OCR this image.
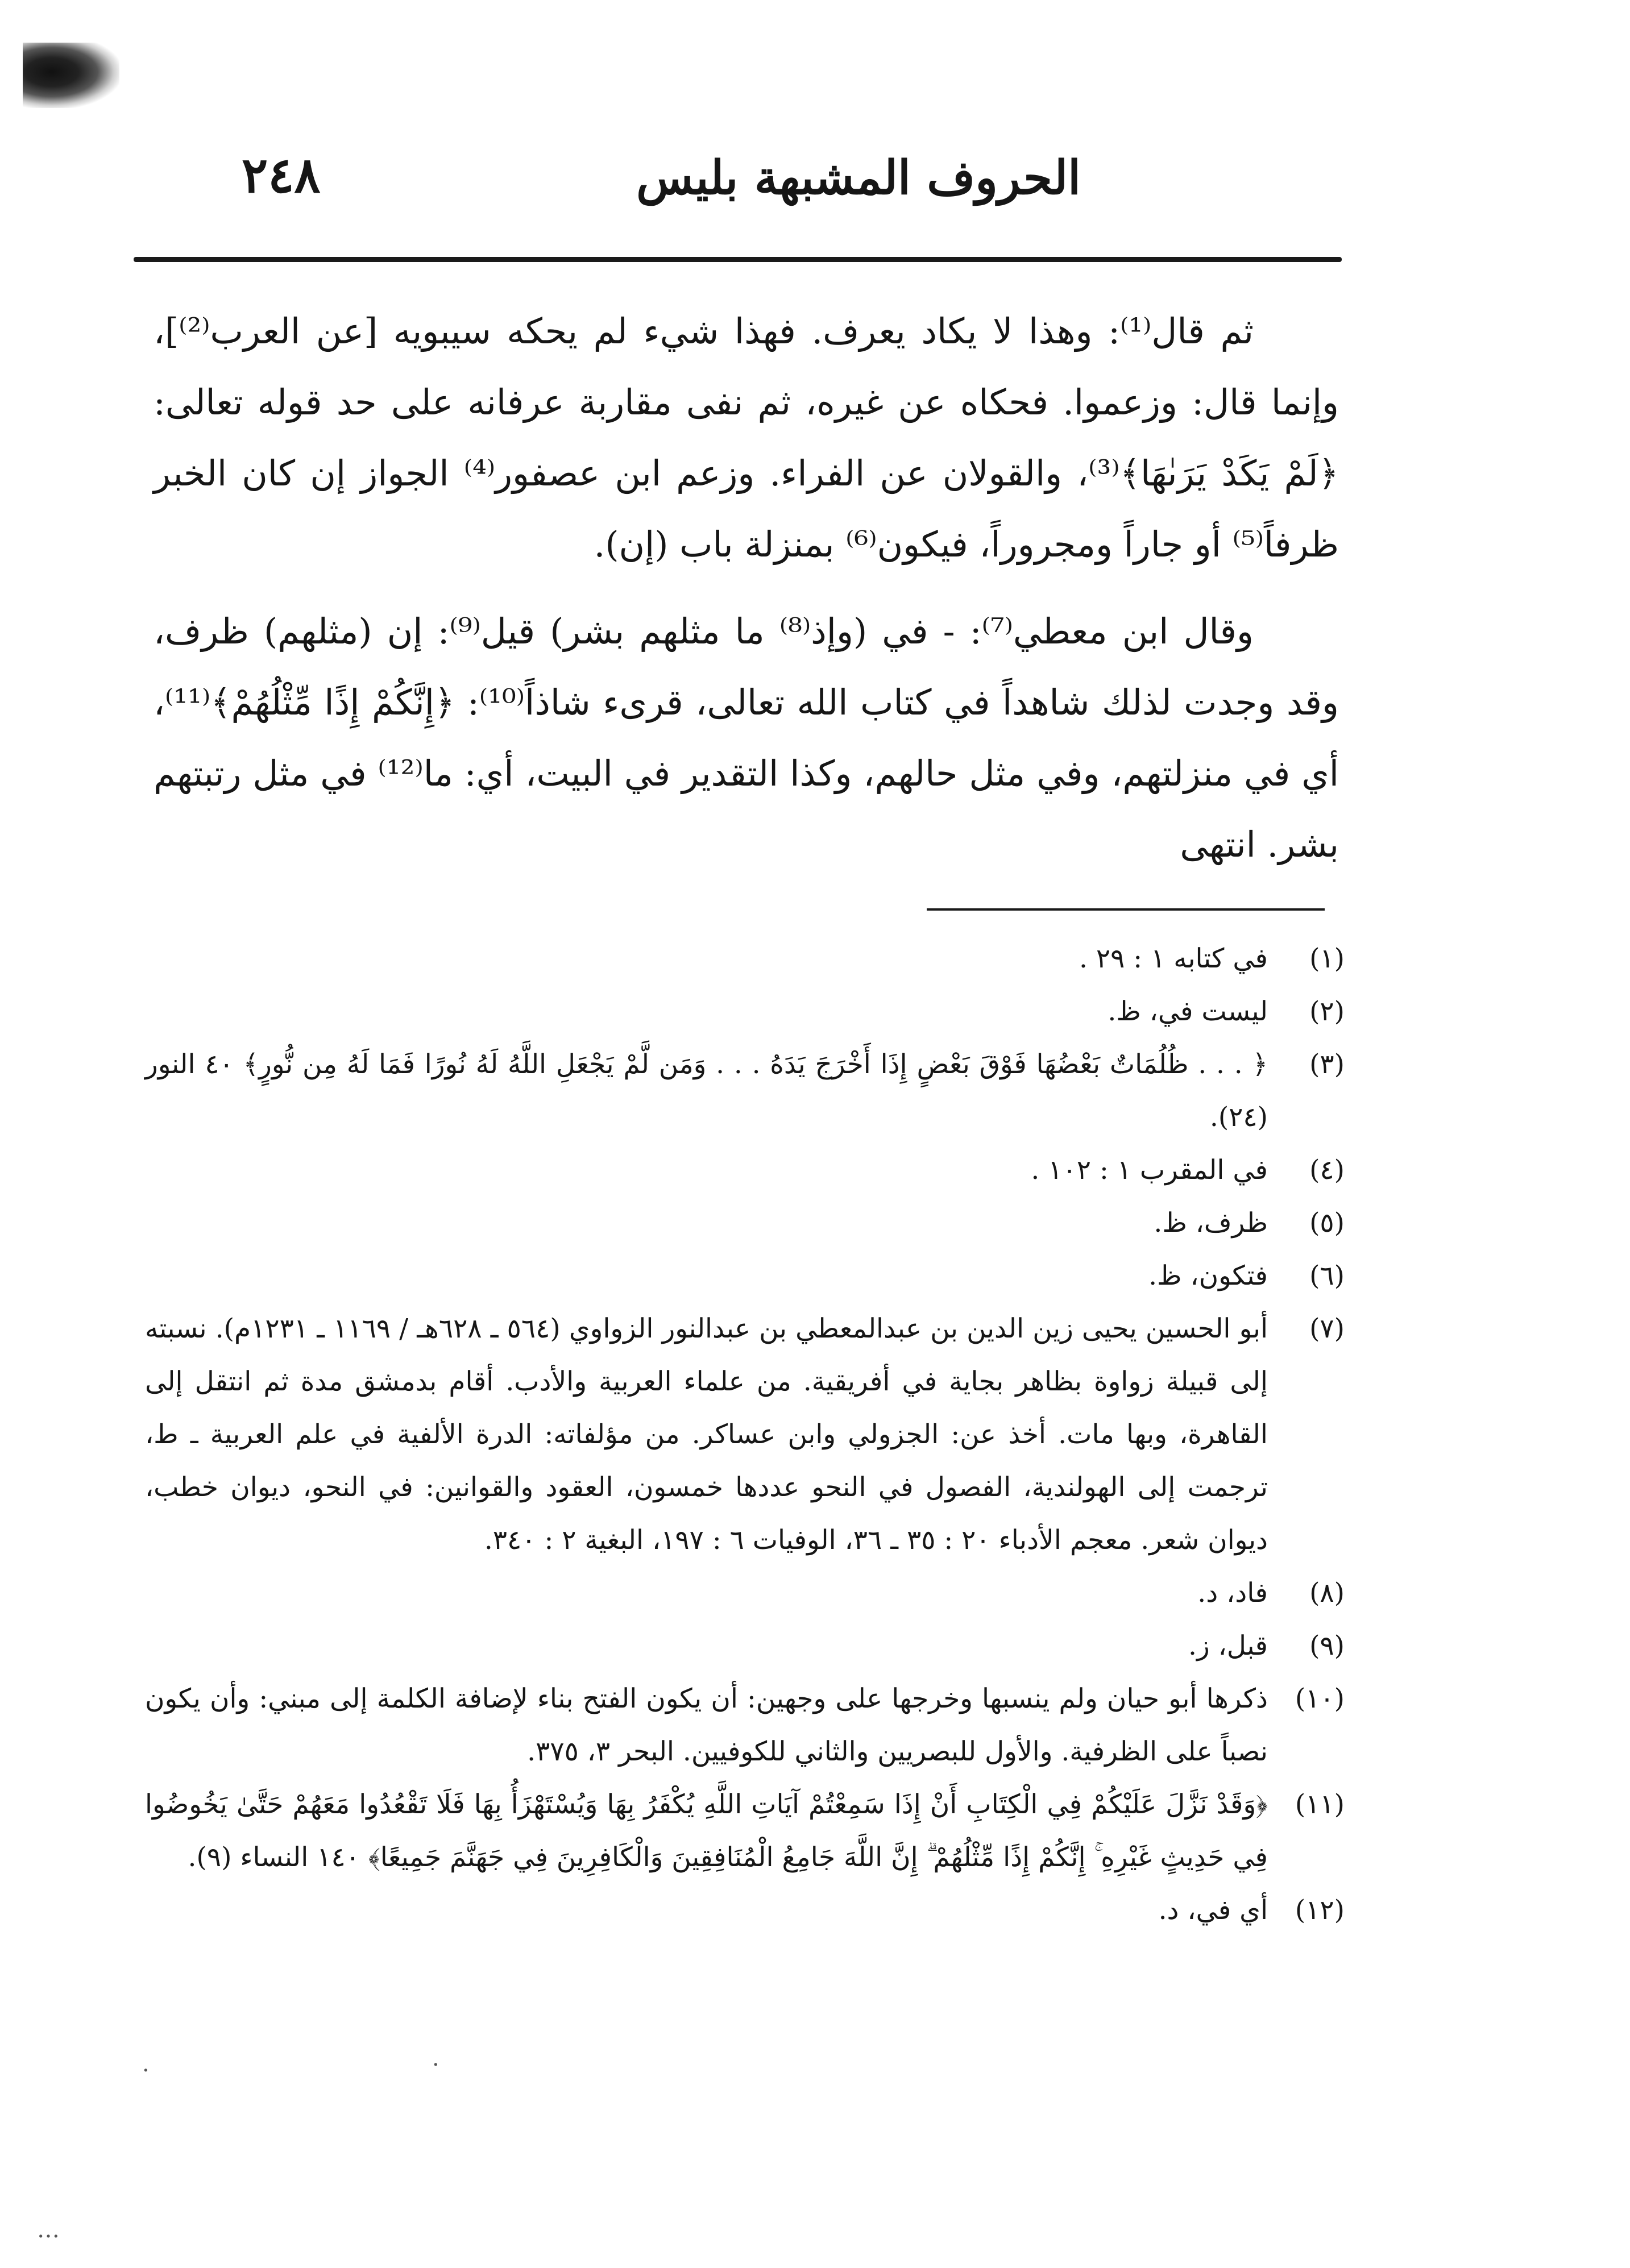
٢٤٨	الحروف المشبهة بليس

ثم قال⁽¹⁾: وهذا لا يكاد يعرف. فهذا شيء لم يحكه سيبويه [عن العرب⁽²⁾]، وإنما قال: وزعموا. فحكاه عن غيره، ثم نفى مقاربة عرفانه على حد قوله تعالى: ﴿لَمْ يَكَدْ يَرَىٰهَا﴾⁽³⁾، والقولان عن الفراء. وزعم ابن عصفور⁽⁴⁾ الجواز إن كان الخبر ظرفاً⁽⁵⁾ أو جاراً ومجروراً، فيكون⁽⁶⁾ بمنزلة باب (إن).

وقال ابن معطي⁽⁷⁾: - في (وإذ⁽⁸⁾ ما مثلهم بشر) قيل⁽⁹⁾: إن (مثلهم) ظرف، وقد وجدت لذلك شاهداً في كتاب الله تعالى، قرىء شاذاً⁽¹⁰⁾: ﴿إِنَّكُمْ إِذًا مِّثْلُهُمْ﴾⁽¹¹⁾، أي في منزلتهم، وفي مثل حالهم، وكذا التقدير في البيت، أي: ما⁽¹²⁾ في مثل رتبتهم بشر. انتهى

(١)
في كتابه ١ : ٢٩ .
(٢)
ليست في، ظ.
(٣)
﴿ . . . ظُلُمَاتٌ بَعْضُهَا فَوْقَ بَعْضٍ إِذَا أَخْرَجَ يَدَهُ . . . وَمَن لَّمْ يَجْعَلِ اللَّهُ لَهُ نُورًا فَمَا لَهُ مِن نُّورٍ﴾ ٤٠ النور (٢٤).
(٤)
في المقرب ١ : ١٠٢ .
(٥)
ظرف، ظ.
(٦)
فتكون، ظ.
(٧)
أبو الحسين يحيى زين الدين بن عبدالمعطي بن عبدالنور الزواوي (٥٦٤ ـ ٦٢٨هـ / ١١٦٩ ـ ١٢٣١م). نسبته إلى قبيلة زواوة بظاهر بجاية في أفريقية. من علماء العربية والأدب. أقام بدمشق مدة ثم انتقل إلى القاهرة، وبها مات. أخذ عن: الجزولي وابن عساكر. من مؤلفاته: الدرة الألفية في علم العربية ـ ط، ترجمت إلى الهولندية، الفصول في النحو عددها خمسون، العقود والقوانين: في النحو، ديوان خطب، ديوان شعر. معجم الأدباء ٢٠ : ٣٥ ـ ٣٦، الوفيات ٦ : ١٩٧، البغية ٢ : ٣٤٠.
(٨)
فاد، د.
(٩)
قبل، ز.
(١٠)
ذكرها أبو حيان ولم ينسبها وخرجها على وجهين: أن يكون الفتح بناء لإضافة الكلمة إلى مبني: وأن يكون نصباً على الظرفية. والأول للبصريين والثاني للكوفيين. البحر ٣، ٣٧٥.
(١١)
﴿وَقَدْ نَزَّلَ عَلَيْكُمْ فِي الْكِتَابِ أَنْ إِذَا سَمِعْتُمْ آيَاتِ اللَّهِ يُكْفَرُ بِهَا وَيُسْتَهْزَأُ بِهَا فَلَا تَقْعُدُوا مَعَهُمْ حَتَّىٰ يَخُوضُوا فِي حَدِيثٍ غَيْرِهِ ۚ إِنَّكُمْ إِذًا مِّثْلُهُمْ ۗ إِنَّ اللَّهَ جَامِعُ الْمُنَافِقِينَ وَالْكَافِرِينَ فِي جَهَنَّمَ جَمِيعًا﴾ ١٤٠ النساء (٩).
(١٢)
أي في، د.
·	·
…
